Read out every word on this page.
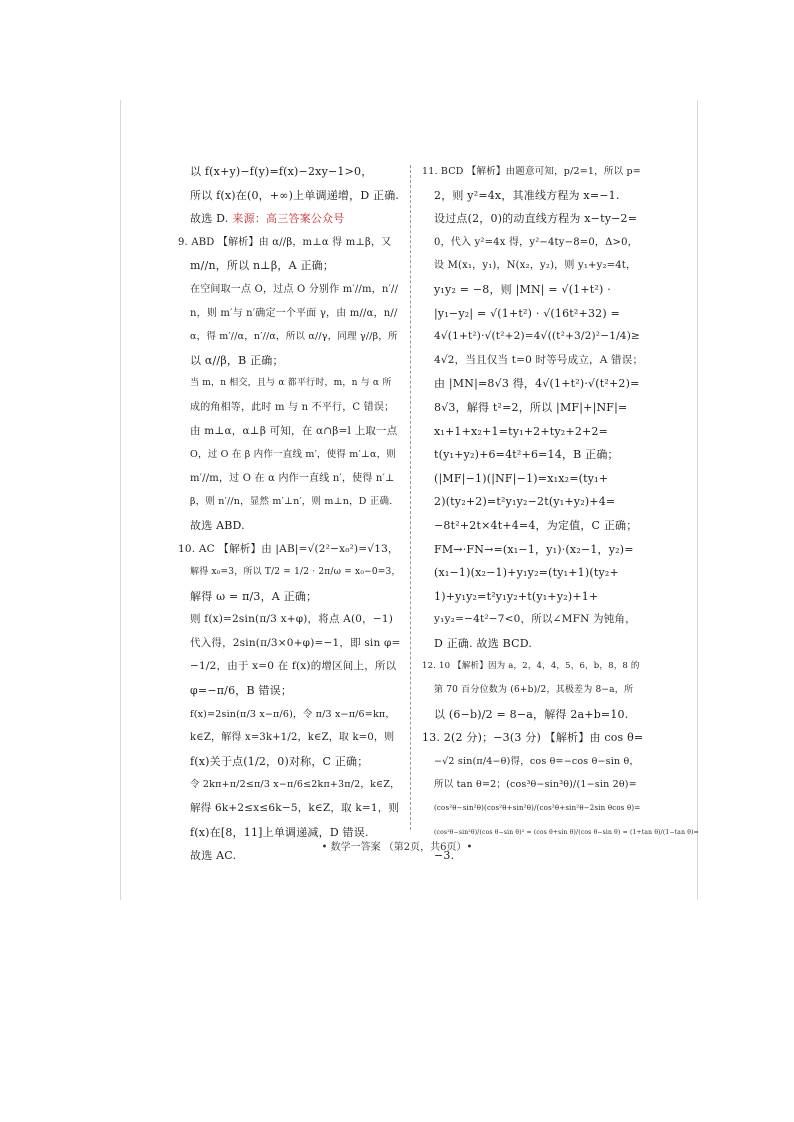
以 f(x+y)−f(y)=f(x)−2xy−1>0，
所以 f(x)在(0，+∞)上单调递增，D 正确.
故选 D. 来源：高三答案公众号
9. ABD 【解析】由 α//β，m⊥α 得 m⊥β，又
m//n，所以 n⊥β，A 正确；
在空间取一点 O，过点 O 分别作 m′//m，n′//
n，则 m′与 n′确定一个平面 γ，由 m//α，n//
α，得 m′//α，n′//α，所以 α//γ，同理 γ//β，所
以 α//β，B 正确；
当 m，n 相交，且与 α 都平行时，m，n 与 α 所
成的角相等，此时 m 与 n 不平行，C 错误；
由 m⊥α，α⊥β 可知，在 α∩β=l 上取一点
O，过 O 在 β 内作一直线 m′，使得 m′⊥α，则
m′//m，过 O 在 α 内作一直线 n′，使得 n′⊥
β，则 n′//n，显然 m′⊥n′，则 m⊥n，D 正确.
故选 ABD.
10. AC 【解析】由 |AB|=√(2²−x₀²)=√13，
解得 x₀=3，所以 T/2 = 1/2 · 2π/ω = x₀−0=3，
解得 ω = π/3，A 正确；
则 f(x)=2sin(π/3 x+φ)，将点 A(0，−1)
代入得，2sin(π/3×0+φ)=−1，即 sin φ=
−1/2，由于 x=0 在 f(x)的增区间上，所以
φ=−π/6，B 错误；
f(x)=2sin(π/3 x−π/6)，令 π/3 x−π/6=kπ，
k∈Z，解得 x=3k+1/2，k∈Z，取 k=0，则
f(x)关于点(1/2，0)对称，C 正确；
令 2kπ+π/2≤π/3 x−π/6≤2kπ+3π/2，k∈Z，
解得 6k+2≤x≤6k−5，k∈Z，取 k=1，则
f(x)在[8，11]上单调递减，D 错误.
故选 AC.
11. BCD 【解析】由题意可知，p/2=1，所以 p=
2，则 y²=4x，其准线方程为 x=−1.
设过点(2，0)的动直线方程为 x−ty−2=
0，代入 y²=4x 得，y²−4ty−8=0，Δ>0，
设 M(x₁，y₁)，N(x₂，y₂)，则 y₁+y₂=4t，
y₁y₂ = −8，则 |MN| = √(1+t²) ·
|y₁−y₂| = √(1+t²) · √(16t²+32) =
4√(1+t²)·√(t²+2)=4√((t²+3/2)²−1/4)≥
4√2，当且仅当 t=0 时等号成立，A 错误；
由 |MN|=8√3 得，4√(1+t²)·√(t²+2)=
8√3，解得 t²=2，所以 |MF|+|NF|=
x₁+1+x₂+1=ty₁+2+ty₂+2+2=
t(y₁+y₂)+6=4t²+6=14，B 正确；
(|MF|−1)(|NF|−1)=x₁x₂=(ty₁+
2)(ty₂+2)=t²y₁y₂−2t(y₁+y₂)+4=
−8t²+2t×4t+4=4，为定值，C 正确；
FM→·FN→=(x₁−1，y₁)·(x₂−1，y₂)=
(x₁−1)(x₂−1)+y₁y₂=(ty₁+1)(ty₂+
1)+y₁y₂=t²y₁y₂+t(y₁+y₂)+1+
y₁y₂=−4t²−7<0，所以∠MFN 为钝角，
D 正确. 故选 BCD.
12. 10 【解析】因为 a，2，4，4，5，6，b，8，8 的
第 70 百分位数为 (6+b)/2，其极差为 8−a，所
以 (6−b)/2 = 8−a，解得 2a+b=10.
13. 2(2 分)；−3(3 分) 【解析】由 cos θ=
−√2 sin(π/4−θ)得，cos θ=−cos θ−sin θ，
所以 tan θ=2；(cos³θ−sin³θ)/(1−sin 2θ)=
(cos²θ−sin²θ)(cos²θ+sin²θ)/(cos²θ+sin²θ−2sin θcos θ)=
(cos²θ−sin²θ)/(cos θ−sin θ)² = (cos θ+sin θ)/(cos θ−sin θ) = (1+tan θ)/(1−tan θ)=
−3.
• 数学一答案 （第2页，共6页）•
